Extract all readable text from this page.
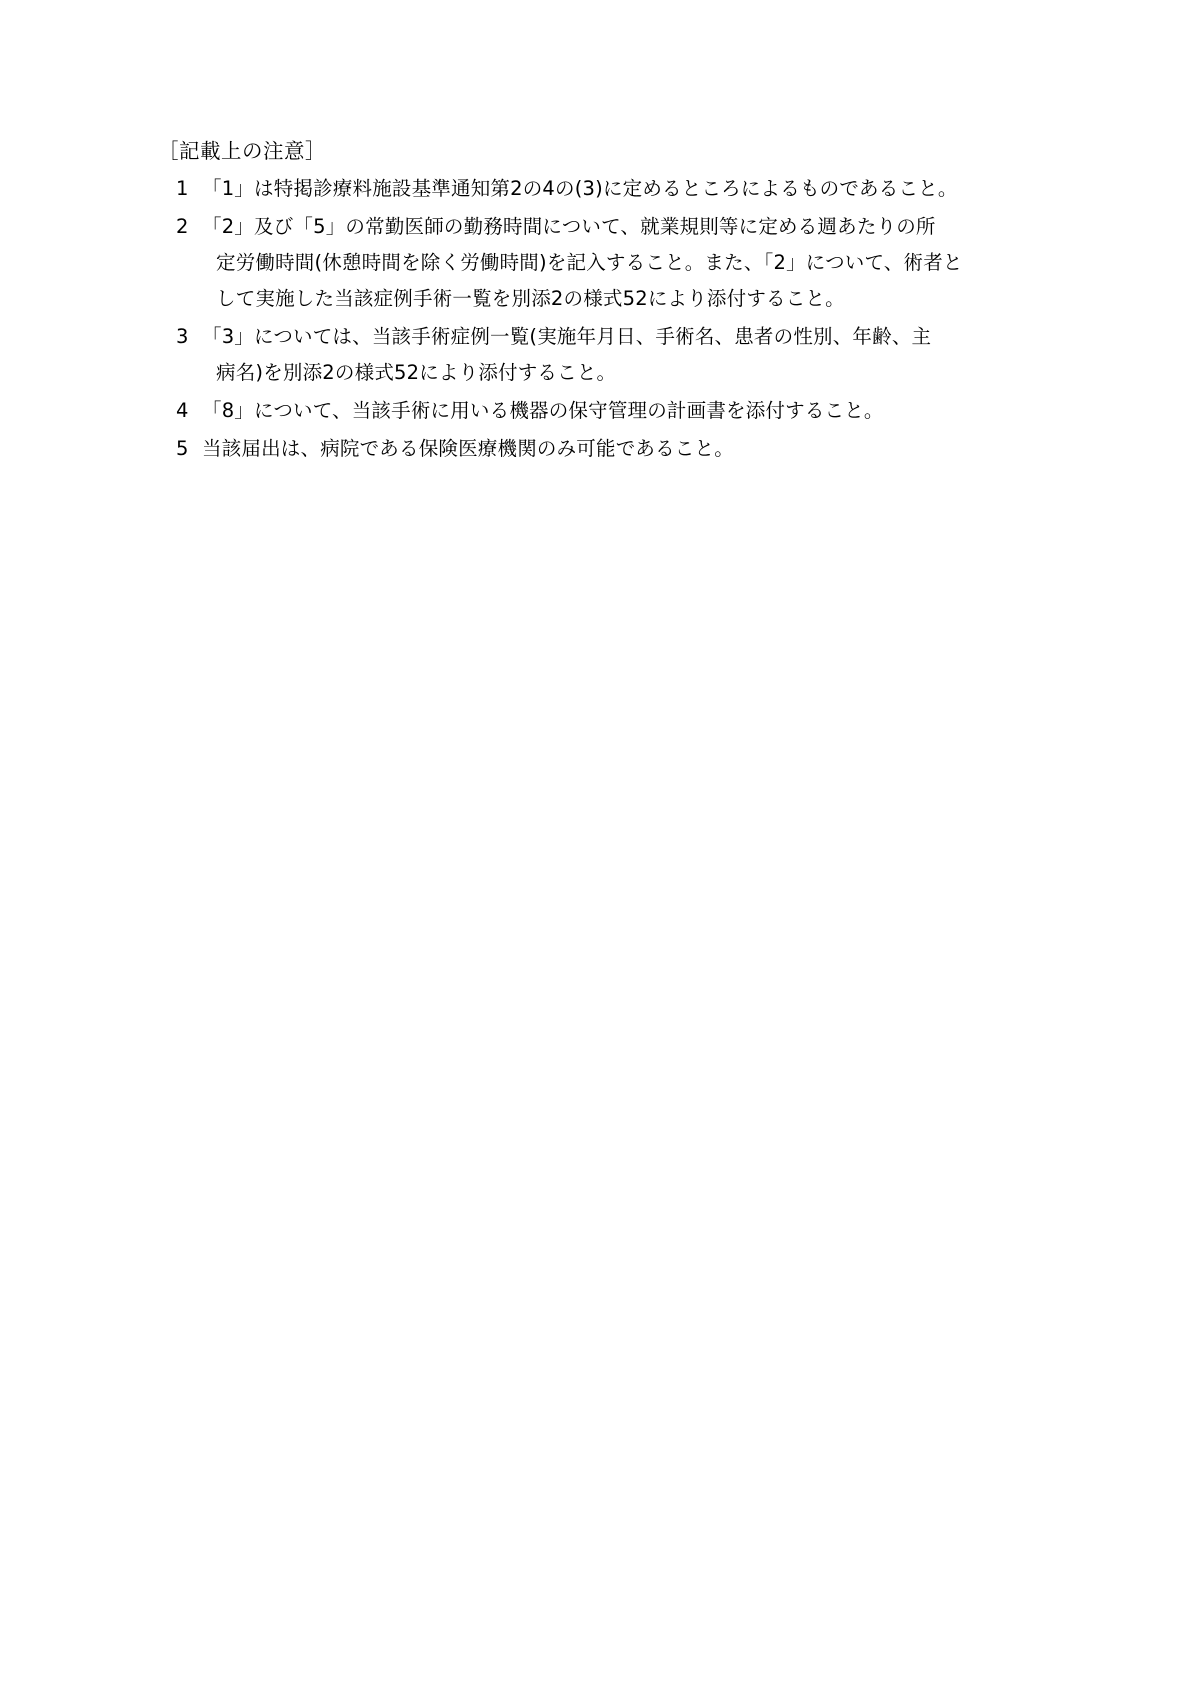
［記載上の注意］
1 「1」は特掲診療料施設基準通知第2の4の(3)に定めるところによるものであること。
2 「2」及び「5」の常勤医師の勤務時間について、就業規則等に定める週あたりの所
定労働時間(休憩時間を除く労働時間)を記入すること。また、「2」について、術者と
して実施した当該症例手術一覧を別添2の様式52により添付すること。
3 「3」については、当該手術症例一覧(実施年月日、手術名、患者の性別、年齢、主
病名)を別添2の様式52により添付すること。
4 「8」について、当該手術に用いる機器の保守管理の計画書を添付すること。
5 当該届出は、病院である保険医療機関のみ可能であること。
